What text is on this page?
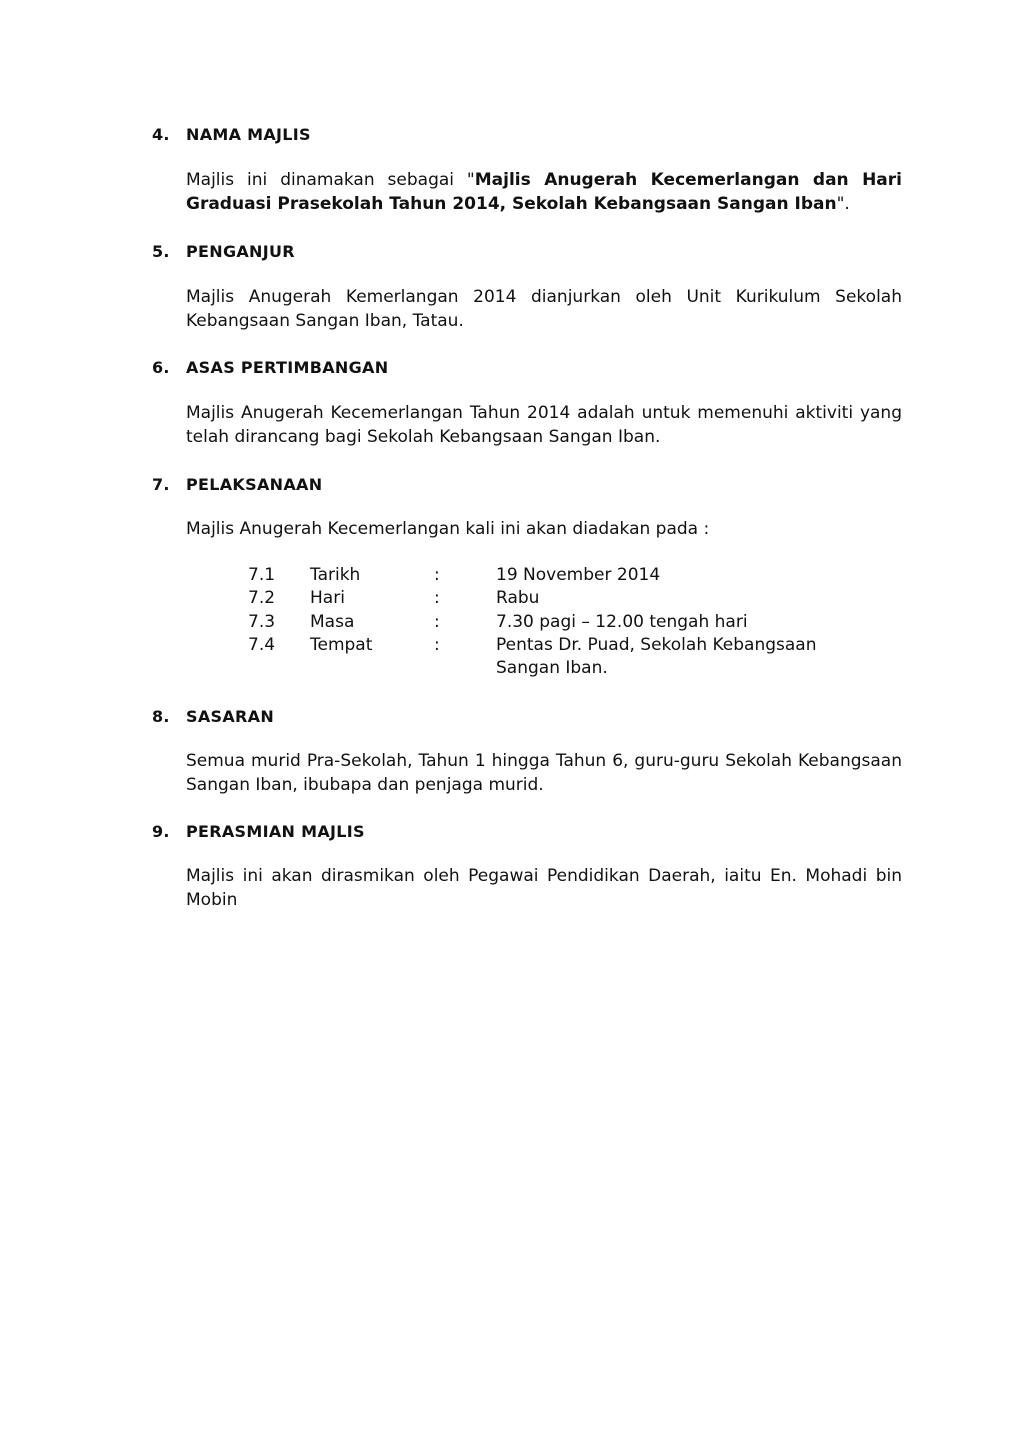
4. NAMA MAJLIS
Majlis ini dinamakan sebagai "Majlis Anugerah Kecemerlangan dan Hari Graduasi Prasekolah Tahun 2014, Sekolah Kebangsaan Sangan Iban".
5. PENGANJUR
Majlis Anugerah Kemerlangan 2014 dianjurkan oleh Unit Kurikulum Sekolah Kebangsaan Sangan Iban, Tatau.
6. ASAS PERTIMBANGAN
Majlis Anugerah Kecemerlangan Tahun 2014 adalah untuk memenuhi aktiviti yang telah dirancang bagi Sekolah Kebangsaan Sangan Iban.
7. PELAKSANAAN
Majlis Anugerah Kecemerlangan kali ini akan diadakan pada :
7.1 Tarikh	:	19 November 2014
7.2 Hari	:	Rabu
7.3 Masa	:	7.30 pagi – 12.00 tengah hari
7.4 Tempat	:	Pentas Dr. Puad, Sekolah Kebangsaan
Sangan Iban.
8. SASARAN
Semua murid Pra-Sekolah, Tahun 1 hingga Tahun 6, guru-guru Sekolah Kebangsaan Sangan Iban, ibubapa dan penjaga murid.
9. PERASMIAN MAJLIS
Majlis ini akan dirasmikan oleh Pegawai Pendidikan Daerah, iaitu En. Mohadi bin Mobin
